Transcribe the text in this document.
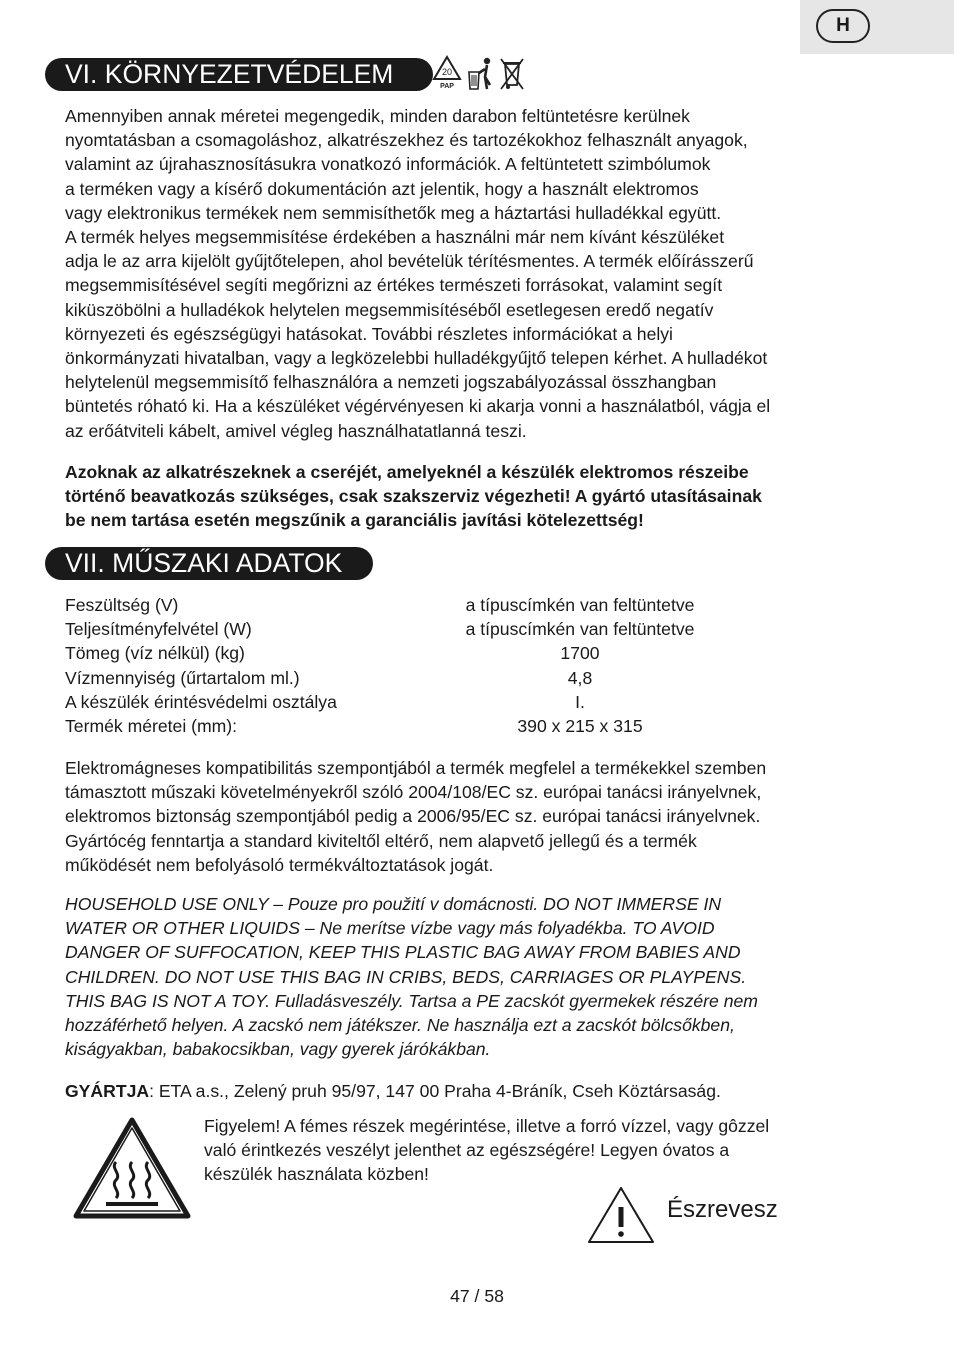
H
VI. KÖRNYEZETVÉDELEM	20
PAP
Amennyiben annak méretei megengedik, minden darabon feltüntetésre kerülnek
nyomtatásban a csomagoláshoz, alkatrészekhez és tartozékokhoz felhasznált anyagok,
valamint az újrahasznosításukra vonatkozó információk. A feltüntetett szimbólumok
a terméken vagy a kísérő dokumentáción azt jelentik, hogy a használt elektromos
vagy elektronikus termékek nem semmisíthetők meg a háztartási hulladékkal együtt.
A termék helyes megsemmisítése érdekében a használni már nem kívánt készüléket
adja le az arra kijelölt gyűjtőtelepen, ahol bevételük térítésmentes. A termék előírásszerű
megsemmisítésével segíti megőrizni az értékes természeti forrásokat, valamint segít
kiküszöbölni a hulladékok helytelen megsemmisítéséből esetlegesen eredő negatív
környezeti és egészségügyi hatásokat. További részletes információkat a helyi
önkormányzati hivatalban, vagy a legközelebbi hulladékgyűjtő telepen kérhet. A hulladékot
helytelenül megsemmisítő felhasználóra a nemzeti jogszabályozással összhangban
büntetés róható ki. Ha a készüléket végérvényesen ki akarja vonni a használatból, vágja el
az erőátviteli kábelt, amivel végleg használhatatlanná teszi.
Azoknak az alkatrészeknek a cseréjét, amelyeknél a készülék elektromos részeibe
történő beavatkozás szükséges, csak szakszerviz végezheti! A gyártó utasításainak
be nem tartása esetén megszűnik a garanciális javítási kötelezettség!
VII. MŰSZAKI ADATOK
Feszültség (V)	a típuscímkén van feltüntetve
Teljesítményfelvétel (W)	a típuscímkén van feltüntetve
Tömeg (víz nélkül) (kg)	1700
Vízmennyiség (űrtartalom ml.)	4,8
A készülék érintésvédelmi osztálya	I.
Termék méretei (mm):	390 x 215 x 315
Elektromágneses kompatibilitás szempontjából a termék megfelel a termékekkel szemben
támasztott műszaki követelményekről szóló 2004/108/EC sz. európai tanácsi irányelvnek,
elektromos biztonság szempontjából pedig a 2006/95/EC sz. európai tanácsi irányelvnek.
Gyártócég fenntartja a standard kiviteltől eltérő, nem alapvető jellegű és a termék
működését nem befolyásoló termékváltoztatások jogát.
HOUSEHOLD USE ONLY – Pouze pro použití v domácnosti. DO NOT IMMERSE IN
WATER OR OTHER LIQUIDS – Ne merítse vízbe vagy más folyadékba. TO AVOID
DANGER OF SUFFOCATION, KEEP THIS PLASTIC BAG AWAY FROM BABIES AND
CHILDREN. DO NOT USE THIS BAG IN CRIBS, BEDS, CARRIAGES OR PLAYPENS.
THIS BAG IS NOT A TOY. Fulladásveszély. Tartsa a PE zacskót gyermekek részére nem
hozzáférhető helyen. A zacskó nem játékszer. Ne használja ezt a zacskót bölcsőkben,
kiságyakban, babakocsikban, vagy gyerek járókákban.
GYÁRTJA: ETA a.s., Zelený pruh 95/97, 147 00 Praha 4-Bráník, Cseh Köztársaság.
Figyelem! A fémes részek megérintése, illetve a forró vízzel, vagy gôzzel
való érintkezés veszélyt jelenthet az egészségére! Legyen óvatos a
készülék használata közben!
Észrevesz
47 / 58
